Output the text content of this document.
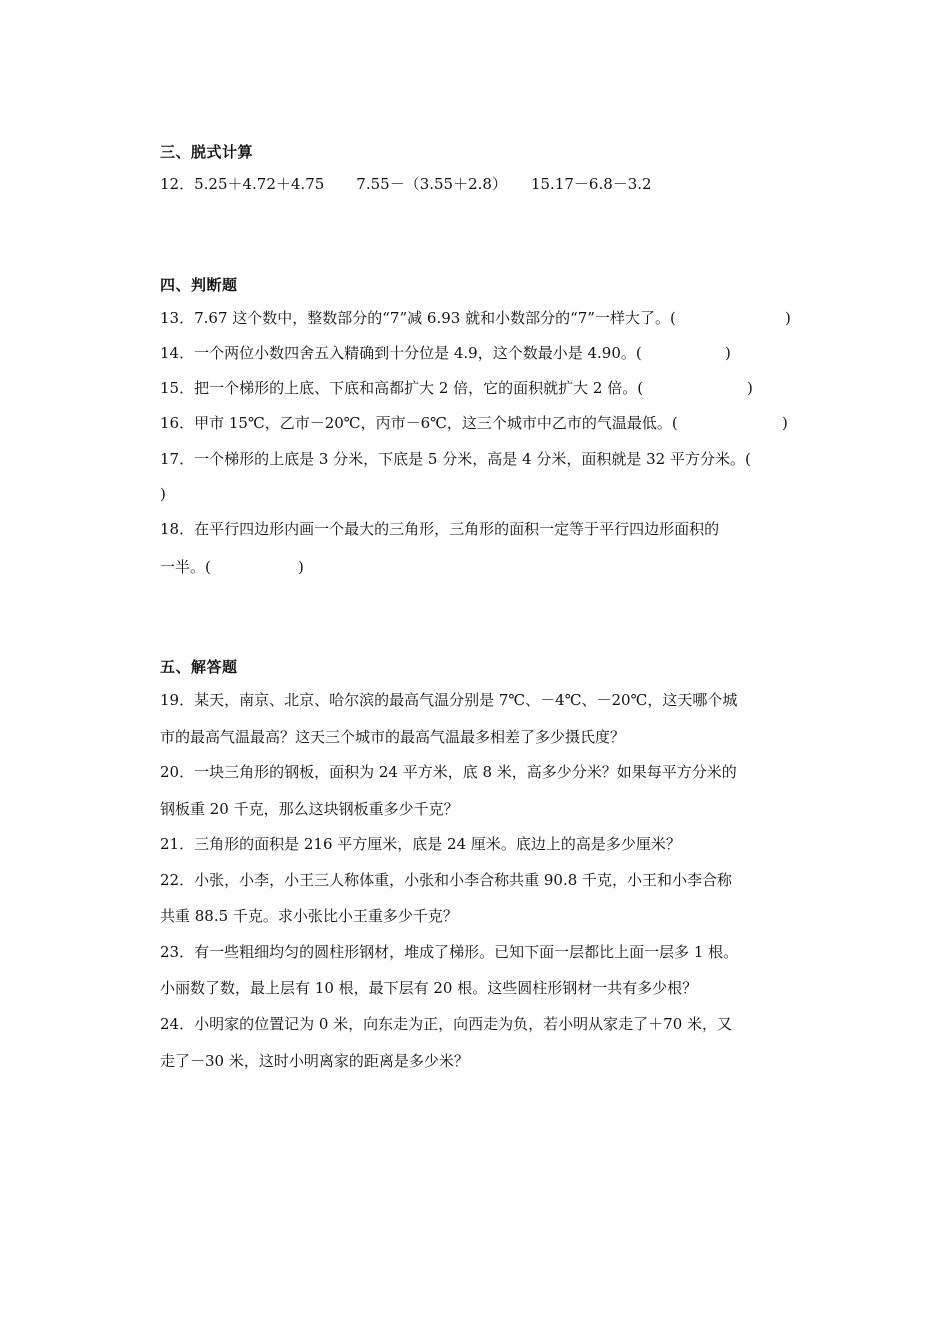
三、脱式计算
12．5.25＋4.72＋4.75 7.55－（3.55＋2.8） 15.17－6.8－3.2
四、判断题
13．7.67 这个数中，整数部分的“7”减 6.93 就和小数部分的“7”一样大了。(	)
14．一个两位小数四舍五入精确到十分位是 4.9，这个数最小是 4.90。(	)
15．把一个梯形的上底、下底和高都扩大 2 倍，它的面积就扩大 2 倍。(	)
16．甲市 15℃，乙市－20℃，丙市－6℃，这三个城市中乙市的气温最低。(	)
17．一个梯形的上底是 3 分米，下底是 5 分米，高是 4 分米，面积就是 32 平方分米。(
)
18．在平行四边形内画一个最大的三角形，三角形的面积一定等于平行四边形面积的
一半。(	)
五、解答题
19．某天，南京、北京、哈尔滨的最高气温分别是 7℃、－4℃、－20℃，这天哪个城
市的最高气温最高？这天三个城市的最高气温最多相差了多少摄氏度？
20．一块三角形的钢板，面积为 24 平方米，底 8 米，高多少分米？如果每平方分米的
钢板重 20 千克，那么这块钢板重多少千克？
21．三角形的面积是 216 平方厘米，底是 24 厘米。底边上的高是多少厘米？
22．小张，小李，小王三人称体重，小张和小李合称共重 90.8 千克，小王和小李合称
共重 88.5 千克。求小张比小王重多少千克？
23．有一些粗细均匀的圆柱形钢材，堆成了梯形。已知下面一层都比上面一层多 1 根。
小丽数了数，最上层有 10 根，最下层有 20 根。这些圆柱形钢材一共有多少根？
24．小明家的位置记为 0 米，向东走为正，向西走为负，若小明从家走了＋70 米，又
走了－30 米，这时小明离家的距离是多少米？
